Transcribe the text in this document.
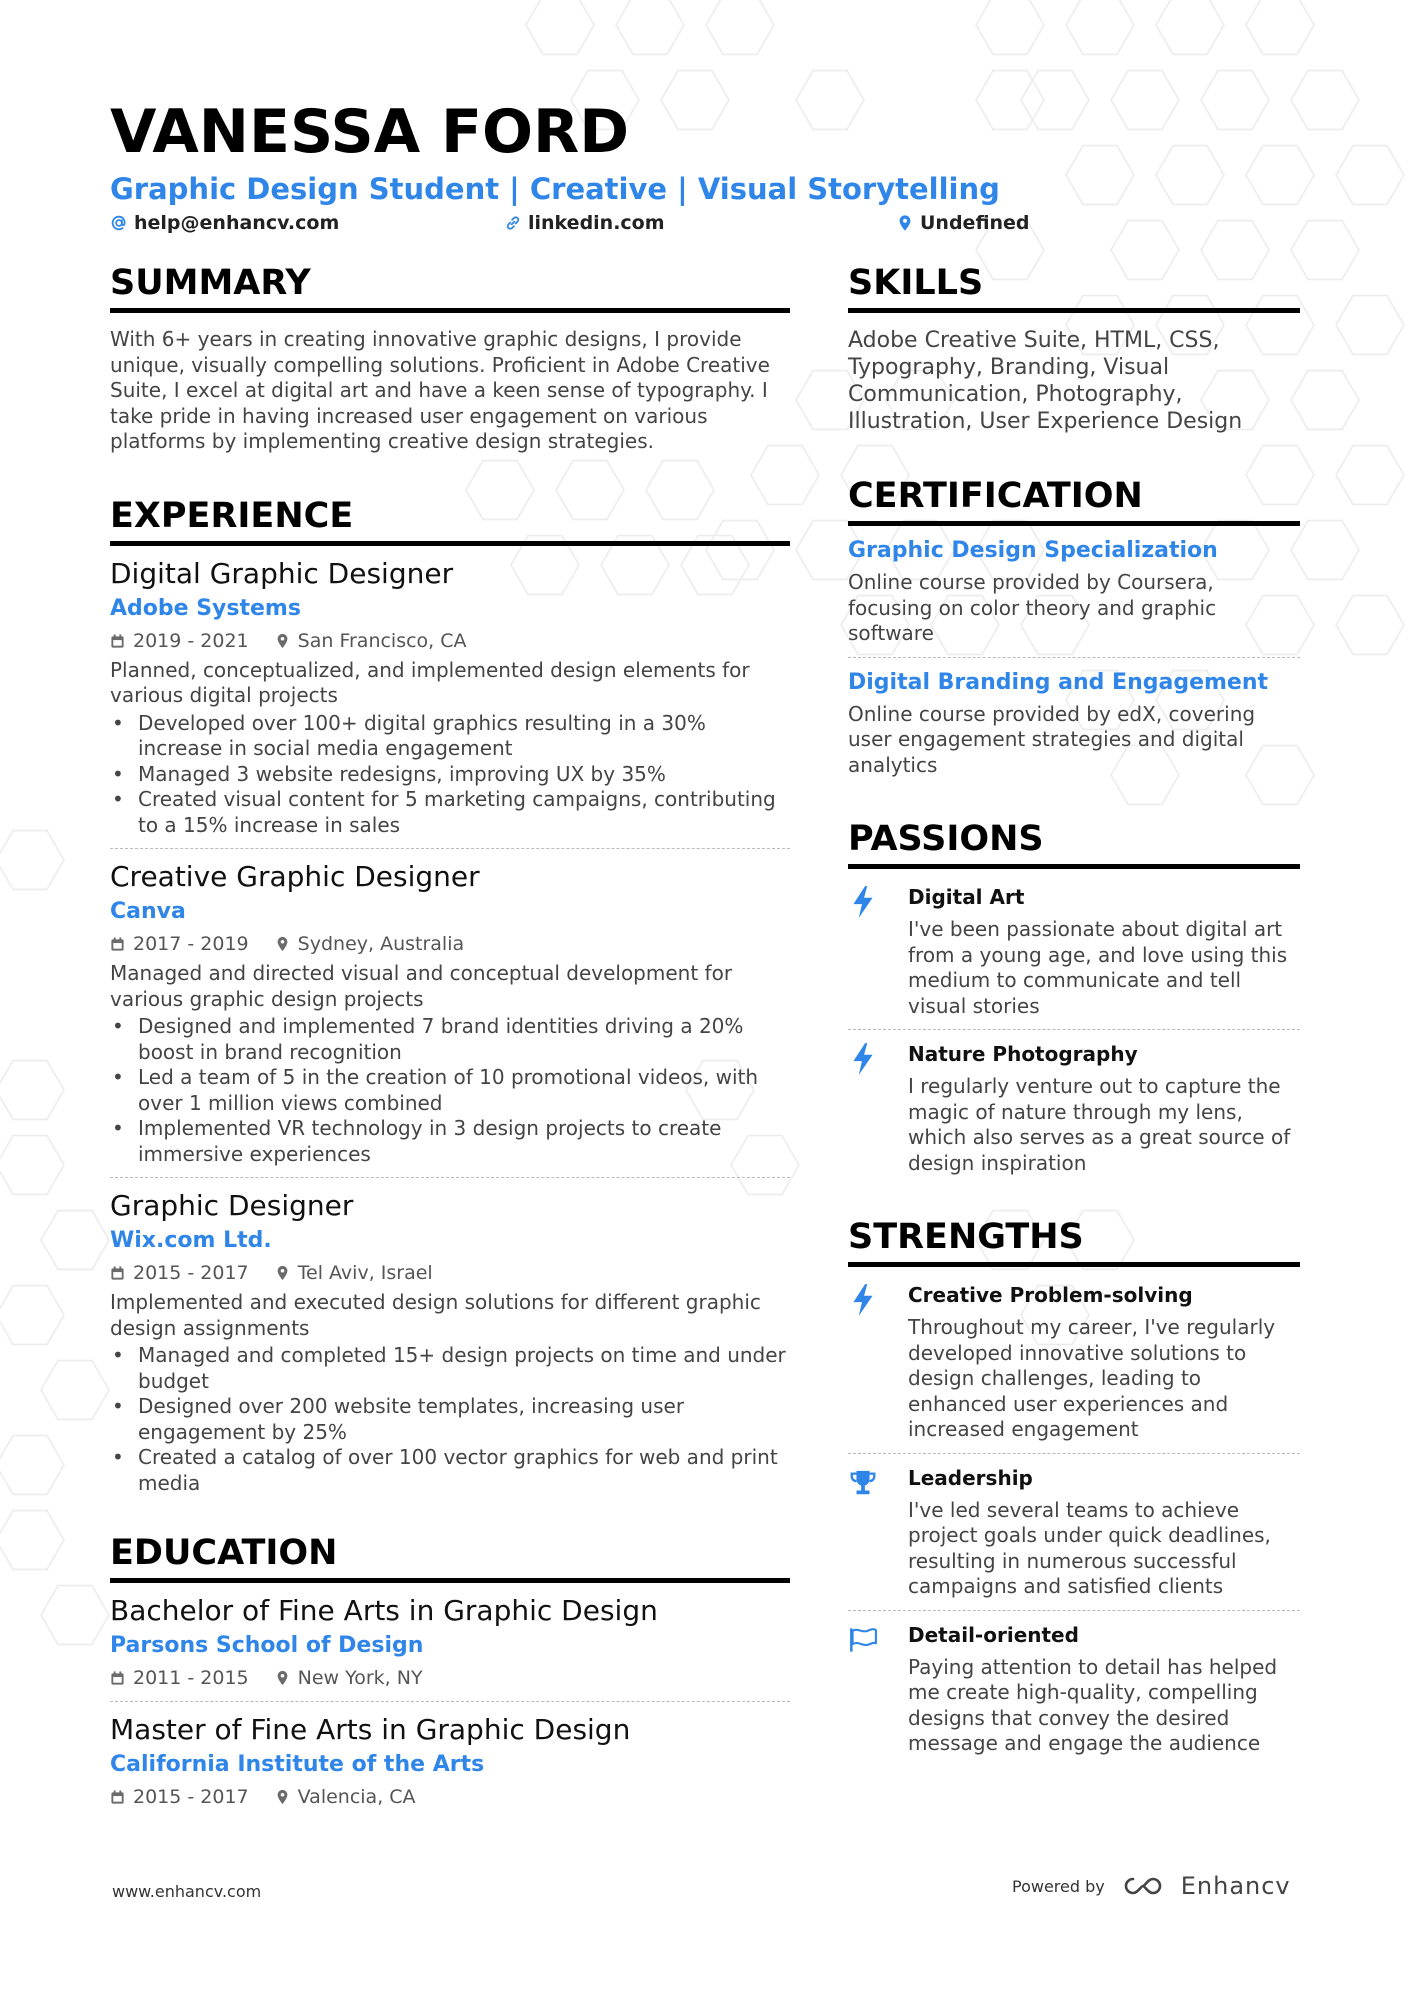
VANESSA FORD
Graphic Design Student | Creative | Visual Storytelling
help@enhancv.com	linkedin.com	Undefined
SUMMARY
With 6+ years in creating innovative graphic designs, I provide unique, visually compelling solutions. Proficient in Adobe Creative Suite, I excel at digital art and have a keen sense of typography. I take pride in having increased user engagement on various platforms by implementing creative design strategies.
EXPERIENCE
Digital Graphic Designer
Adobe Systems
2019 - 2021	San Francisco, CA
Planned, conceptualized, and implemented design elements for various digital projects
• Developed over 100+ digital graphics resulting in a 30% increase in social media engagement
• Managed 3 website redesigns, improving UX by 35%
• Created visual content for 5 marketing campaigns, contributing to a 15% increase in sales
Creative Graphic Designer
Canva
2017 - 2019	Sydney, Australia
Managed and directed visual and conceptual development for various graphic design projects
• Designed and implemented 7 brand identities driving a 20% boost in brand recognition
• Led a team of 5 in the creation of 10 promotional videos, with over 1 million views combined
• Implemented VR technology in 3 design projects to create immersive experiences
Graphic Designer
Wix.com Ltd.
2015 - 2017	Tel Aviv, Israel
Implemented and executed design solutions for different graphic design assignments
• Managed and completed 15+ design projects on time and under budget
• Designed over 200 website templates, increasing user engagement by 25%
• Created a catalog of over 100 vector graphics for web and print media
EDUCATION
Bachelor of Fine Arts in Graphic Design
Parsons School of Design
2011 - 2015	New York, NY
Master of Fine Arts in Graphic Design
California Institute of the Arts
2015 - 2017	Valencia, CA
SKILLS
Adobe Creative Suite, HTML, CSS, Typography, Branding, Visual Communication, Photography, Illustration, User Experience Design
CERTIFICATION
Graphic Design Specialization
Online course provided by Coursera, focusing on color theory and graphic software
Digital Branding and Engagement
Online course provided by edX, covering user engagement strategies and digital analytics
PASSIONS
Digital Art
I've been passionate about digital art from a young age, and love using this medium to communicate and tell visual stories
Nature Photography
I regularly venture out to capture the magic of nature through my lens, which also serves as a great source of design inspiration
STRENGTHS
Creative Problem-solving
Throughout my career, I've regularly developed innovative solutions to design challenges, leading to enhanced user experiences and increased engagement
Leadership
I've led several teams to achieve project goals under quick deadlines, resulting in numerous successful campaigns and satisfied clients
Detail-oriented
Paying attention to detail has helped me create high-quality, compelling designs that convey the desired message and engage the audience
www.enhancv.com	Powered by	Enhancv
